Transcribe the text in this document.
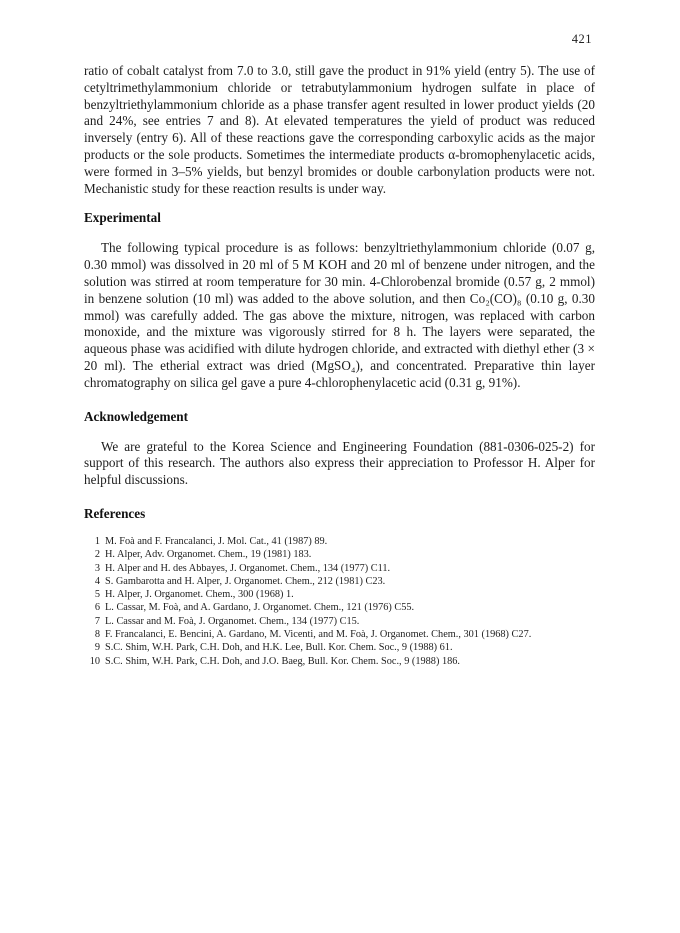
421

ratio of cobalt catalyst from 7.0 to 3.0, still gave the product in 91% yield (entry 5). The use of cetyltrimethylammonium chloride or tetrabutylammonium hydrogen sulfate in place of benzyltriethylammonium chloride as a phase transfer agent resulted in lower product yields (20 and 24%, see entries 7 and 8). At elevated temperatures the yield of product was reduced inversely (entry 6). All of these reactions gave the corresponding carboxylic acids as the major products or the sole products. Sometimes the intermediate products α-bromophenylacetic acids, were formed in 3–5% yields, but benzyl bromides or double carbonylation products were not. Mechanistic study for these reaction results is under way.

Experimental

The following typical procedure is as follows: benzyltriethylammonium chloride (0.07 g, 0.30 mmol) was dissolved in 20 ml of 5 M KOH and 20 ml of benzene under nitrogen, and the solution was stirred at room temperature for 30 min. 4-Chlorobenzal bromide (0.57 g, 2 mmol) in benzene solution (10 ml) was added to the above solution, and then Co₂(CO)₈ (0.10 g, 0.30 mmol) was carefully added. The gas above the mixture, nitrogen, was replaced with carbon monoxide, and the mixture was vigorously stirred for 8 h. The layers were separated, the aqueous phase was acidified with dilute hydrogen chloride, and extracted with diethyl ether (3 × 20 ml). The etherial extract was dried (MgSO₄), and concentrated. Preparative thin layer chromatography on silica gel gave a pure 4-chlorophenylacetic acid (0.31 g, 91%).

Acknowledgement

We are grateful to the Korea Science and Engineering Foundation (881-0306-025-2) for support of this research. The authors also express their appreciation to Professor H. Alper for helpful discussions.

References
1 M. Foà and F. Francalanci, J. Mol. Cat., 41 (1987) 89.
2 H. Alper, Adv. Organomet. Chem., 19 (1981) 183.
3 H. Alper and H. des Abbayes, J. Organomet. Chem., 134 (1977) C11.
4 S. Gambarotta and H. Alper, J. Organomet. Chem., 212 (1981) C23.
5 H. Alper, J. Organomet. Chem., 300 (1968) 1.
6 L. Cassar, M. Foà, and A. Gardano, J. Organomet. Chem., 121 (1976) C55.
7 L. Cassar and M. Foà, J. Organomet. Chem., 134 (1977) C15.
8 F. Francalanci, E. Bencini, A. Gardano, M. Vicenti, and M. Foà, J. Organomet. Chem., 301 (1968) C27.
9 S.C. Shim, W.H. Park, C.H. Doh, and H.K. Lee, Bull. Kor. Chem. Soc., 9 (1988) 61.
10 S.C. Shim, W.H. Park, C.H. Doh, and J.O. Baeg, Bull. Kor. Chem. Soc., 9 (1988) 186.
